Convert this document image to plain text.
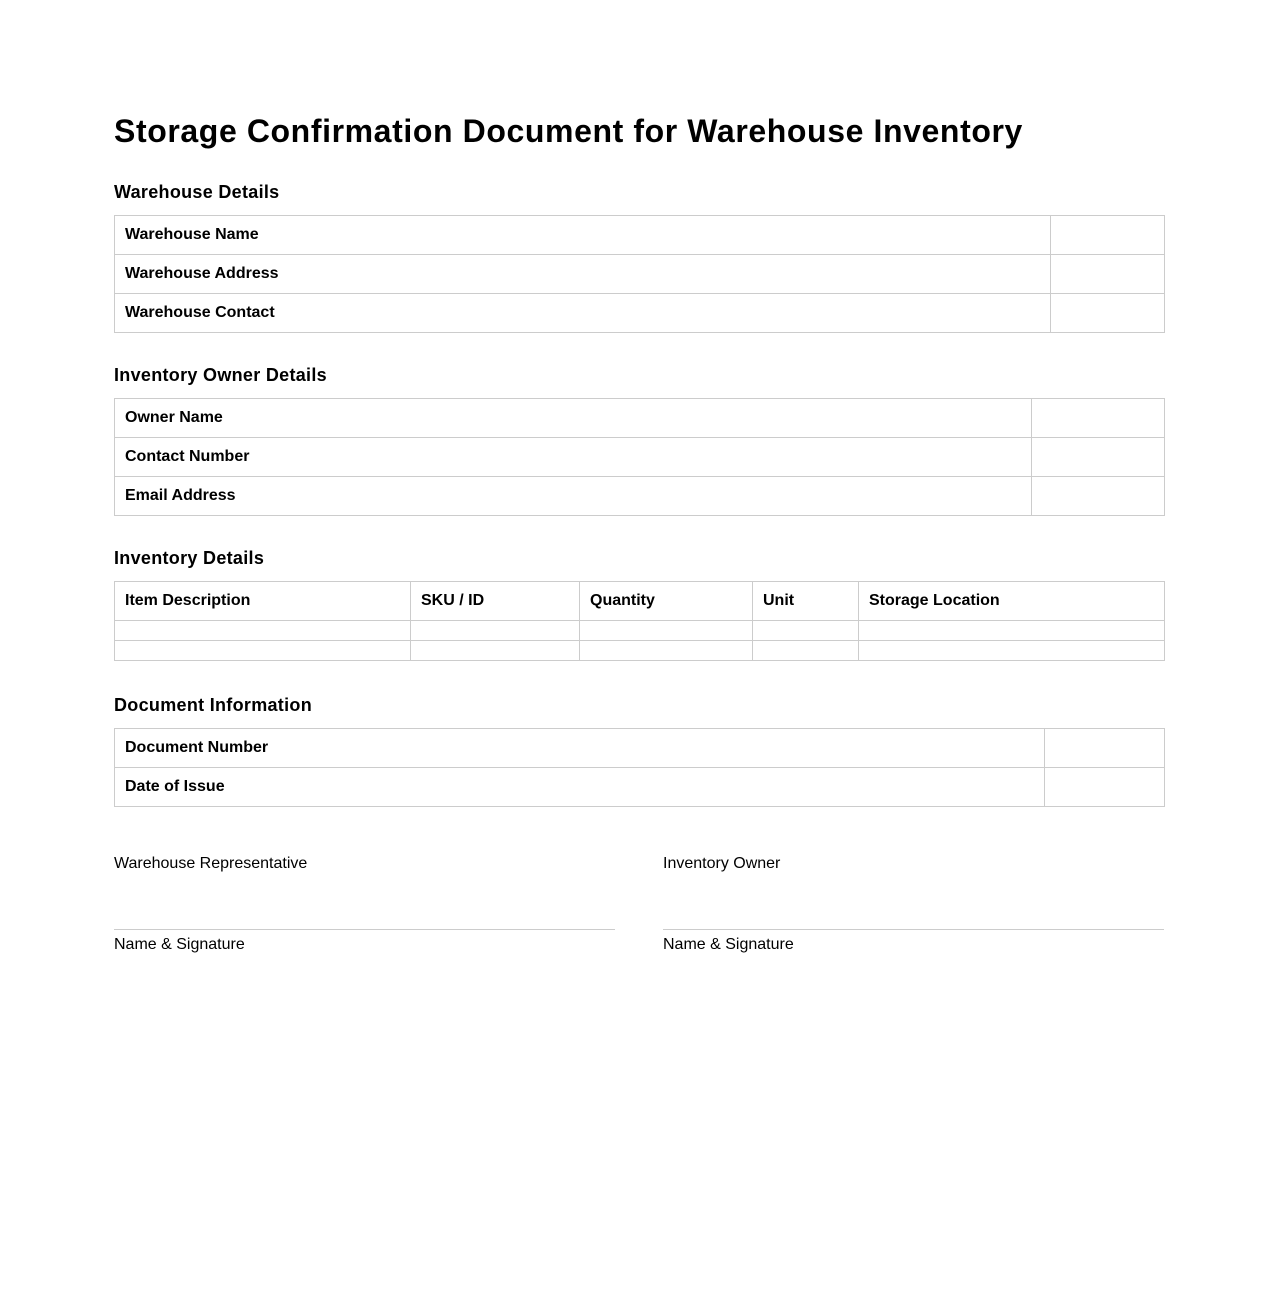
Storage Confirmation Document for Warehouse Inventory
Warehouse Details
Warehouse Name	
Warehouse Address	
Warehouse Contact	
Inventory Owner Details
Owner Name	
Contact Number	
Email Address	
Inventory Details
Item Description	SKU / ID	Quantity	Unit	Storage Location

Document Information
Document Number	
Date of Issue	
Warehouse Representative
Name & Signature
Inventory Owner
Name & Signature
